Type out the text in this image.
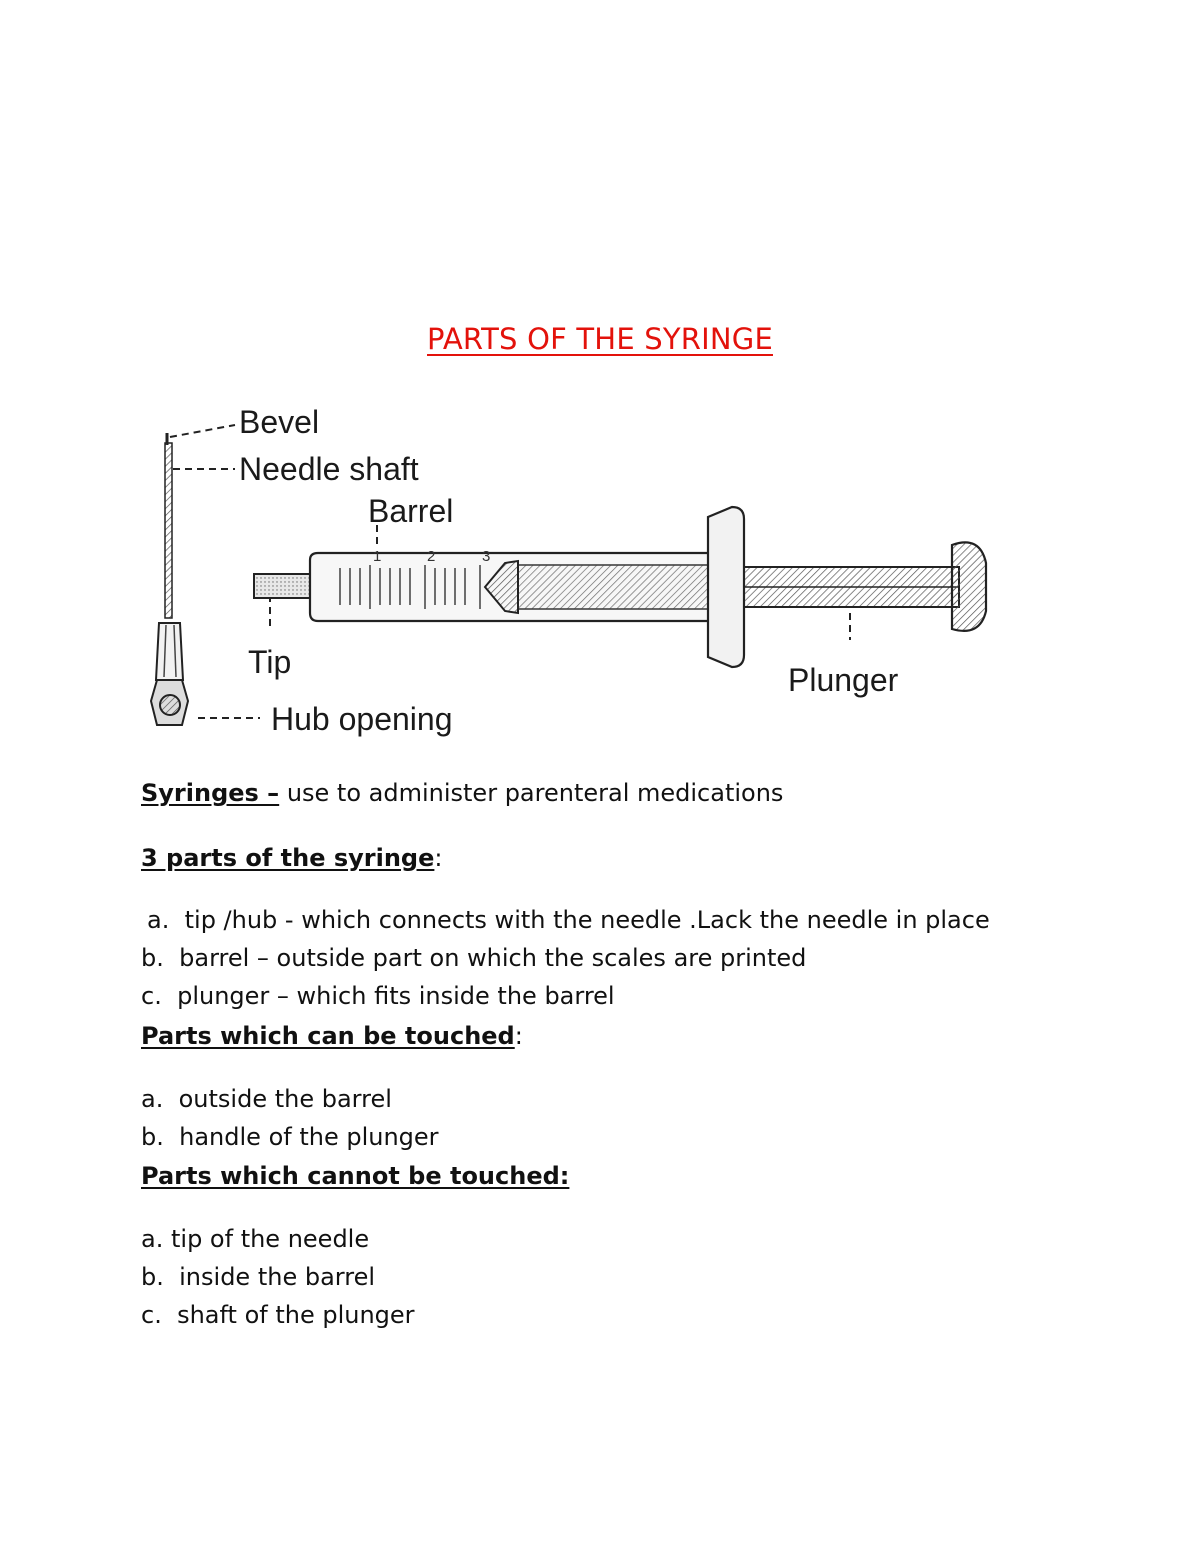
PARTS OF THE SYRINGE
1	2	3
Bevel
Needle shaft
Barrel
Tip
Hub opening
Plunger
Syringes – use to administer parenteral medications
3 parts of the syringe:
a. tip /hub - which connects with the needle .Lack the needle in place
b. barrel – outside part on which the scales are printed
c. plunger – which fits inside the barrel
Parts which can be touched:
a. outside the barrel
b. handle of the plunger
Parts which cannot be touched:
a. tip of the needle
b. inside the barrel
c. shaft of the plunger
